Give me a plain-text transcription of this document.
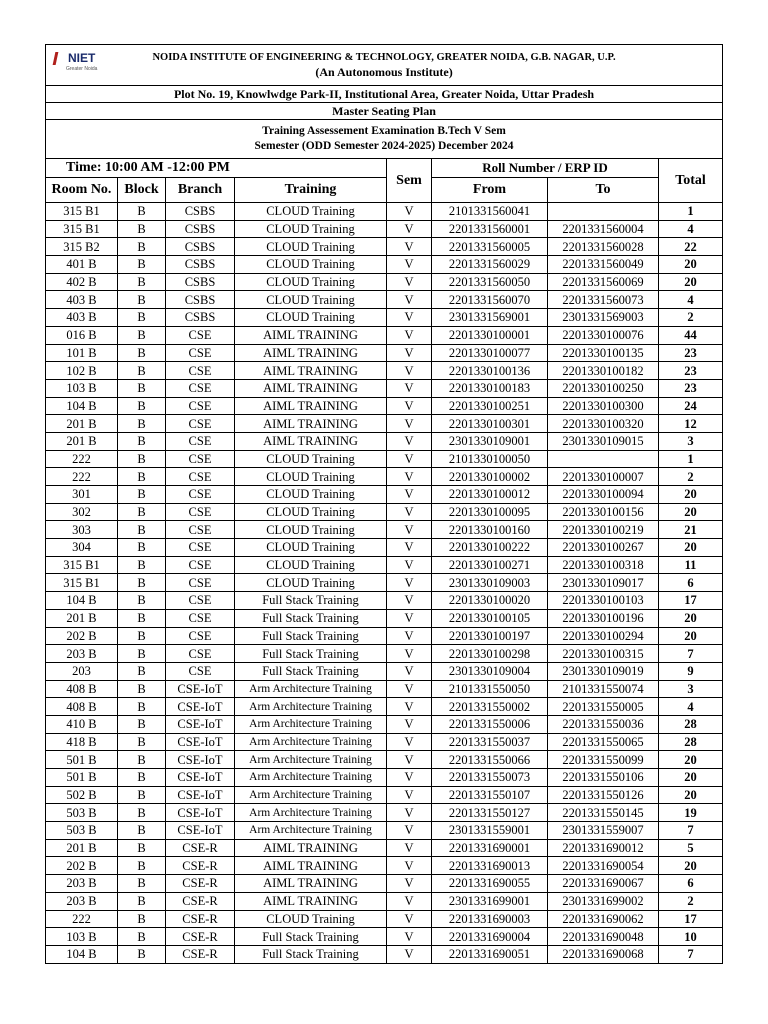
NIET
Greater Noida
NOIDA INSTITUTE OF ENGINEERING & TECHNOLOGY, GREATER NOIDA, G.B. NAGAR, U.P.
(An Autonomous Institute)							

Plot No. 19, Knowlwdge Park-II, Institutional Area, Greater Noida, Uttar Pradesh							
Master Seating Plan							

Training Assessement Examination B.Tech V Sem
Semester (ODD Semester 2024-2025) December 2024							

Time: 10:00 AM -12:00 PM				Sem	Roll Number / ERP ID		Total
Room No.	Block	Branch	Training		From	To	
315 B1	B	CSBS	CLOUD Training	V	2101331560041		1
315 B1	B	CSBS	CLOUD Training	V	2201331560001	2201331560004	4
315 B2	B	CSBS	CLOUD Training	V	2201331560005	2201331560028	22
401 B	B	CSBS	CLOUD Training	V	2201331560029	2201331560049	20
402 B	B	CSBS	CLOUD Training	V	2201331560050	2201331560069	20
403 B	B	CSBS	CLOUD Training	V	2201331560070	2201331560073	4
403 B	B	CSBS	CLOUD Training	V	2301331569001	2301331569003	2
016 B	B	CSE	AIML TRAINING	V	2201330100001	2201330100076	44
101 B	B	CSE	AIML TRAINING	V	2201330100077	2201330100135	23
102 B	B	CSE	AIML TRAINING	V	2201330100136	2201330100182	23
103 B	B	CSE	AIML TRAINING	V	2201330100183	2201330100250	23
104 B	B	CSE	AIML TRAINING	V	2201330100251	2201330100300	24
201 B	B	CSE	AIML TRAINING	V	2201330100301	2201330100320	12
201 B	B	CSE	AIML TRAINING	V	2301330109001	2301330109015	3
222	B	CSE	CLOUD Training	V	2101330100050		1
222	B	CSE	CLOUD Training	V	2201330100002	2201330100007	2
301	B	CSE	CLOUD Training	V	2201330100012	2201330100094	20
302	B	CSE	CLOUD Training	V	2201330100095	2201330100156	20
303	B	CSE	CLOUD Training	V	2201330100160	2201330100219	21
304	B	CSE	CLOUD Training	V	2201330100222	2201330100267	20
315 B1	B	CSE	CLOUD Training	V	2201330100271	2201330100318	11
315 B1	B	CSE	CLOUD Training	V	2301330109003	2301330109017	6
104 B	B	CSE	Full Stack Training	V	2201330100020	2201330100103	17
201 B	B	CSE	Full Stack Training	V	2201330100105	2201330100196	20
202 B	B	CSE	Full Stack Training	V	2201330100197	2201330100294	20
203 B	B	CSE	Full Stack Training	V	2201330100298	2201330100315	7
203	B	CSE	Full Stack Training	V	2301330109004	2301330109019	9
408 B	B	CSE-IoT	Arm Architecture Training	V	2101331550050	2101331550074	3
408 B	B	CSE-IoT	Arm Architecture Training	V	2201331550002	2201331550005	4
410 B	B	CSE-IoT	Arm Architecture Training	V	2201331550006	2201331550036	28
418 B	B	CSE-IoT	Arm Architecture Training	V	2201331550037	2201331550065	28
501 B	B	CSE-IoT	Arm Architecture Training	V	2201331550066	2201331550099	20
501 B	B	CSE-IoT	Arm Architecture Training	V	2201331550073	2201331550106	20
502 B	B	CSE-IoT	Arm Architecture Training	V	2201331550107	2201331550126	20
503 B	B	CSE-IoT	Arm Architecture Training	V	2201331550127	2201331550145	19
503 B	B	CSE-IoT	Arm Architecture Training	V	2301331559001	2301331559007	7
201 B	B	CSE-R	AIML TRAINING	V	2201331690001	2201331690012	5
202 B	B	CSE-R	AIML TRAINING	V	2201331690013	2201331690054	20
203 B	B	CSE-R	AIML TRAINING	V	2201331690055	2201331690067	6
203 B	B	CSE-R	AIML TRAINING	V	2301331699001	2301331699002	2
222	B	CSE-R	CLOUD Training	V	2201331690003	2201331690062	17
103 B	B	CSE-R	Full Stack Training	V	2201331690004	2201331690048	10
104 B	B	CSE-R	Full Stack Training	V	2201331690051	2201331690068	7
